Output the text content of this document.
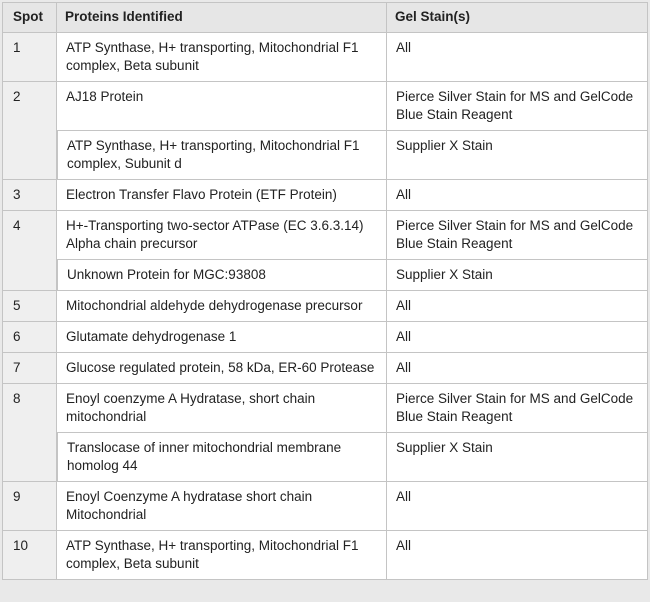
Spot	Proteins Identified	Gel Stain(s)
1	ATP Synthase, H+ transporting, Mitochondrial F1 complex, Beta subunit	All
2	AJ18 Protein	Pierce Silver Stain for MS and GelCode Blue Stain Reagent
	ATP Synthase, H+ transporting, Mitochondrial F1 complex, Subunit d	Supplier X Stain
3	Electron Transfer Flavo Protein (ETF Protein)	All
4	H+-Transporting two-sector ATPase (EC 3.6.3.14) Alpha chain precursor	Pierce Silver Stain for MS and GelCode Blue Stain Reagent
	Unknown Protein for MGC:93808	Supplier X Stain
5	Mitochondrial aldehyde dehydrogenase precursor	All
6	Glutamate dehydrogenase 1	All
7	Glucose regulated protein, 58 kDa, ER-60 Protease	All
8	Enoyl coenzyme A Hydratase, short chain mitochondrial	Pierce Silver Stain for MS and GelCode Blue Stain Reagent
	Translocase of inner mitochondrial membrane homolog 44	Supplier X Stain
9	Enoyl Coenzyme A hydratase short chain Mitochondrial	All
10	ATP Synthase, H+ transporting, Mitochondrial F1 complex, Beta subunit	All
